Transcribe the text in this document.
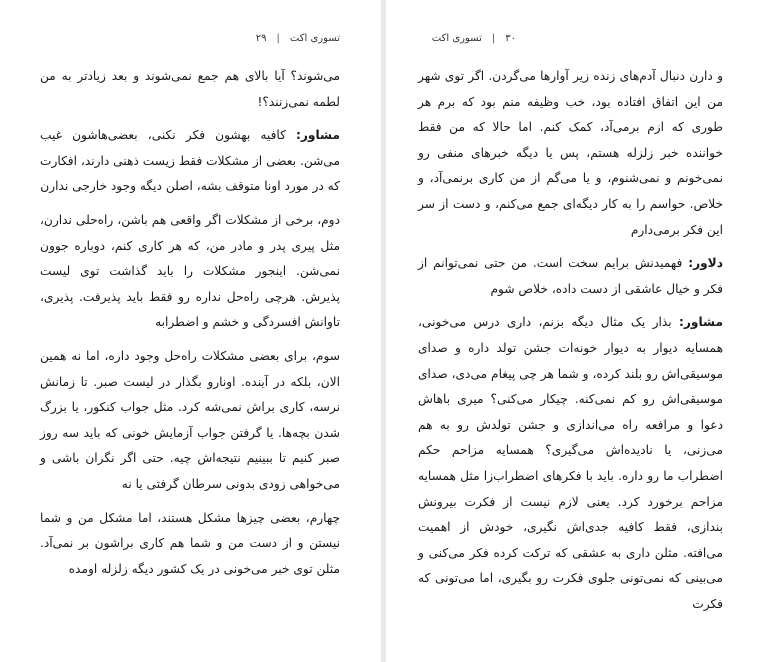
۲۹ | تسوری اکت

می‌شوند؟ آیا بالای هم جمع نمی‌شوند و بعد زیادتر به من لطمه نمی‌زنند؟!

مشاور: کافیه بهشون فکر نکنی، بعضی‌هاشون غیب می‌شن. بعضی از مشکلات فقط زیست ذهنی دارند، افکارت که در مورد اونا متوقف بشه، اصلن دیگه وجود خارجی ندارن

دوم، برخی از مشکلات اگر واقعی هم باشن، راه‌حلی ندارن، مثل پیری پدر و مادر من، که هر کاری کنم، دوباره جوون نمی‌شن. اینجور مشکلات را باید گذاشت توی لیست پذیرش. هرچی راه‌حل نداره رو فقط باید پذیرفت. پذیری، تاوانش افسردگی و خشم و اضطرابه

سوم، برای بعضی مشکلات راه‌حل وجود داره، اما نه همین الان، بلکه در آینده. اونارو بگذار در لیست صبر. تا زمانش نرسه، کاری براش نمی‌شه کرد. مثل جواب کنکور، یا بزرگ شدن بچه‌ها. یا گرفتن جواب آزمایش خونی که باید سه روز صبر کنیم تا ببینیم نتیجه‌اش چیه. حتی اگر نگران باشی و می‌خواهی زودی بدونی سرطان گرفتی یا نه

چهارم، بعضی چیزها مشکل هستند، اما مشکل من و شما نیستن و از دست من و شما هم کاری براشون بر نمی‌آد. مثلن توی خبر می‌خونی در یک کشور دیگه زلزله اومده

۳۰
|
تسوری اکت

و دارن دنبال آدم‌های زنده زیر آوارها می‌گردن. اگر توی شهر من این اتفاق افتاده بود، خب وظیفه منم بود که برم هر طوری که ازم برمی‌آد، کمک کنم. اما حالا که من فقط خواننده خبر زلزله هستم، پس یا دیگه خبرهای منفی رو نمی‌خونم و نمی‌شنوم، و یا می‌گم از من کاری برنمی‌آد، و خلاص. حواسم را به کار دیگه‌ای جمع می‌کنم، و دست از سر این فکر برمی‌دارم

دلاور: فهمیدنش برایم سخت است. من حتی نمی‌توانم از فکر و خیال عاشقی از دست داده، خلاص شوم

مشاور: بذار یک مثال دیگه بزنم، داری درس می‌خونی، همسایه دیوار به دیوار خونه‌ات جشن تولد داره و صدای موسیقی‌اش رو بلند کرده، و شما هر چی پیغام می‌دی، صدای موسیقی‌اش رو کم نمی‌کنه. چیکار می‌کنی؟ میری باهاش دعوا و مرافعه راه می‌اندازی و جشن تولدش رو به هم می‌زنی، یا نادیده‌اش می‌گیری؟ همسایه مزاحم حکم اضطراب ما رو داره. باید با فکرهای اضطراب‌زا مثل همسایه مزاحم برخورد کرد. یعنی لازم نیست از فکرت بیرونش بندازی، فقط کافیه جدی‌اش نگیری، خودش از اهمیت می‌افته. مثلن داری به عشقی که ترکت کرده فکر می‌کنی و می‌بینی که نمی‌تونی جلوی فکرت رو بگیری، اما می‌تونی که فکرت
